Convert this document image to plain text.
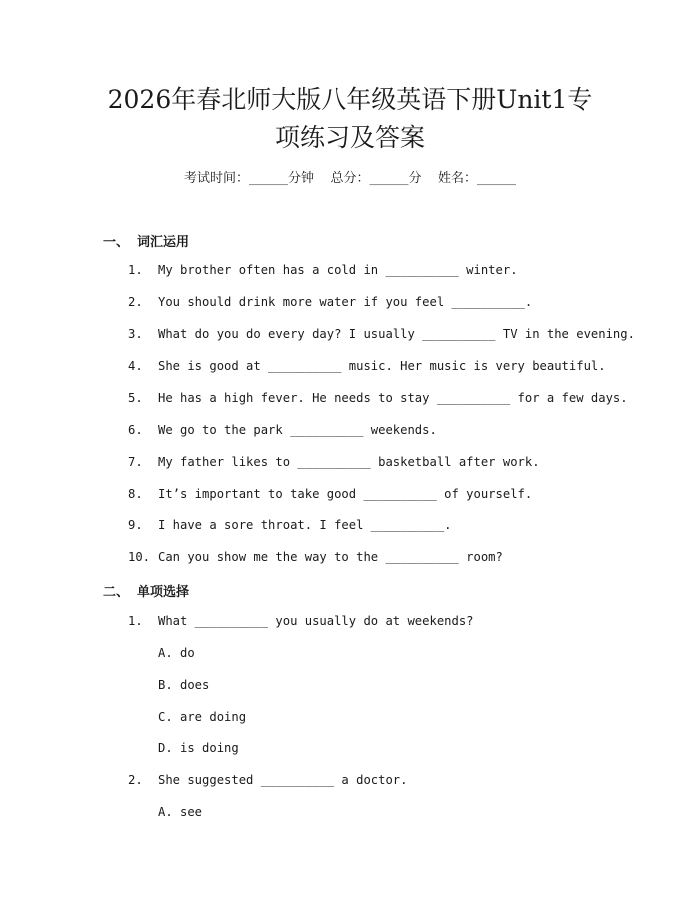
2026年春北师大版八年级英语下册Unit1专
项练习及答案
考试时间：______分钟    总分：______分    姓名：______
一、 词汇运用
1. My brother often has a cold in __________ winter.
2. You should drink more water if you feel __________.
3. What do you do every day? I usually __________ TV in the evening.
4. She is good at __________ music. Her music is very beautiful.
5. He has a high fever. He needs to stay __________ for a few days.
6. We go to the park __________ weekends.
7. My father likes to __________ basketball after work.
8. It’s important to take good __________ of yourself.
9. I have a sore throat. I feel __________.
10. Can you show me the way to the __________ room?
二、 单项选择
1. What __________ you usually do at weekends?
A. do
B. does
C. are doing
D. is doing
2. She suggested __________ a doctor.
A. see
